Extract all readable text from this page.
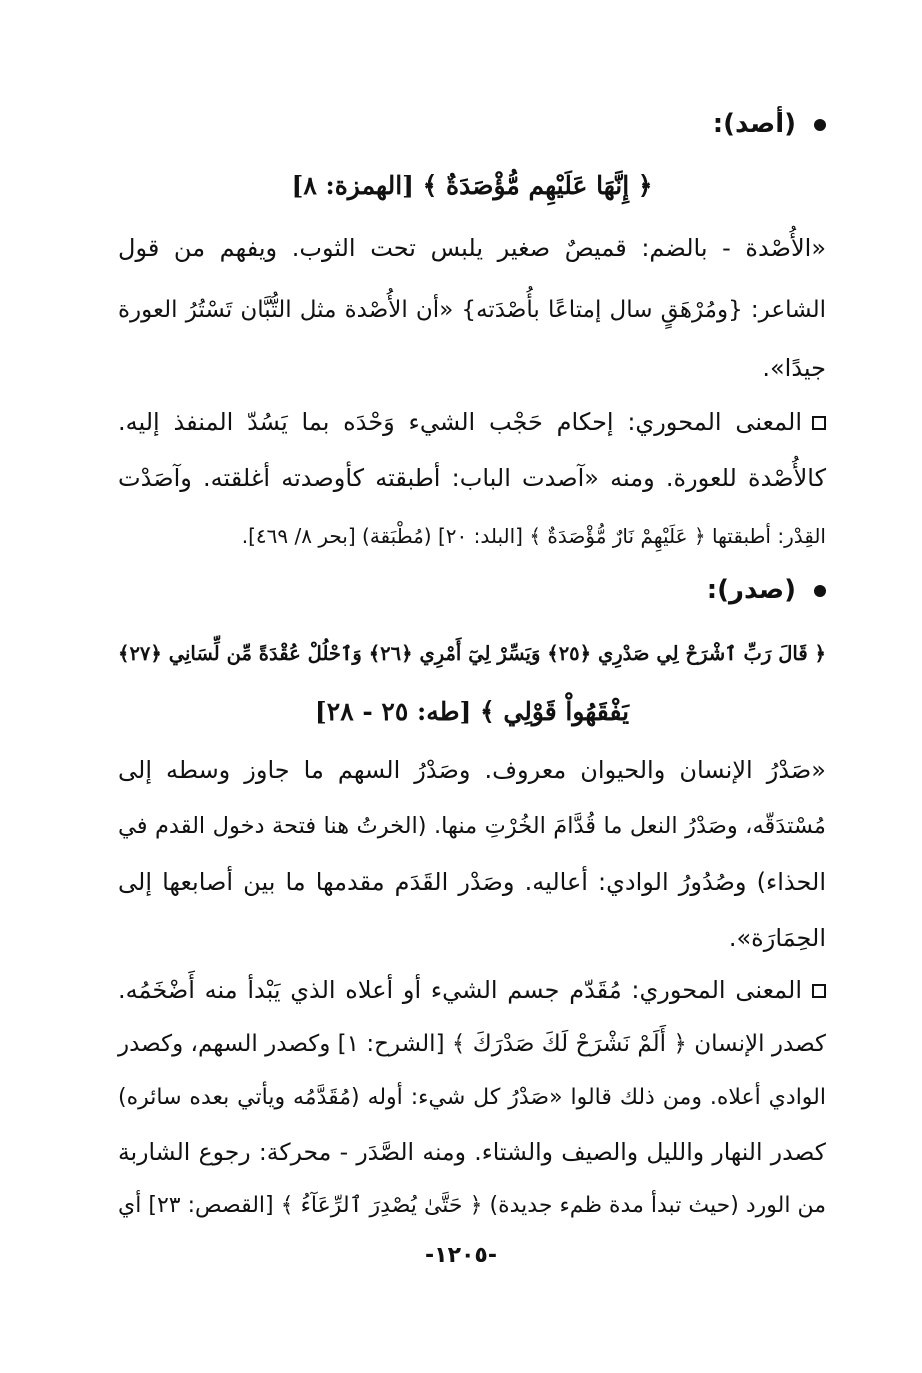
(أصد):
﴿ إِنَّهَا عَلَيْهِم مُّؤْصَدَةٌ ﴾ [الهمزة: ٨]
«الأُصْدة - بالضم: قميصٌ صغير يلبس تحت الثوب. ويفهم من قول
الشاعر: {ومُرْهَقٍ سال إمتاعًا بأُصْدَته} «أن الأُصْدة مثل التُّبَّان تَسْتُرُ العورة
جيدًا».
المعنى المحوري: إحكام حَجْب الشيء وَحْدَه بما يَسُدّ المنفذ إليه.
كالأُصْدة للعورة. ومنه «آصدت الباب: أطبقته كأوصدته أغلقته. وآصَدْت
القِدْر: أطبقتها ﴿ عَلَيْهِمْ نَارٌ مُّؤْصَدَةٌ ﴾ [البلد: ٢٠] (مُطْبَقة) [بحر ٨/ ٤٦٩].
(صدر):
﴿ قَالَ رَبِّ ٱشْرَحْ لِي صَدْرِي ﴿٢٥﴾ وَيَسِّرْ لِيٓ أَمْرِي ﴿٢٦﴾ وَٱحْلُلْ عُقْدَةً مِّن لِّسَانِي ﴿٢٧﴾
يَفْقَهُواْ قَوْلِي ﴾ [طه: ٢٥ - ٢٨]
«صَدْرُ الإنسان والحيوان معروف. وصَدْرُ السهم ما جاوز وسطه إلى
مُسْتدَقّه، وصَدْرُ النعل ما قُدَّامَ الخُرْتِ منها. (الخرتُ هنا فتحة دخول القدم في
الحذاء) وصُدُورُ الوادي: أعاليه. وصَدْر القَدَم مقدمها ما بين أصابعها إلى
الحِمَارَة».
المعنى المحوري: مُقَدّم جسم الشيء أو أعلاه الذي يَبْدأ منه أَضْخَمُه.
كصدر الإنسان ﴿ أَلَمْ نَشْرَحْ لَكَ صَدْرَكَ ﴾ [الشرح: ١] وكصدر السهم، وكصدر
الوادي أعلاه. ومن ذلك قالوا «صَدْرُ كل شيء: أوله (مُقَدَّمُه ويأتي بعده سائره)
كصدر النهار والليل والصيف والشتاء. ومنه الصَّدَر - محركة: رجوع الشاربة
من الورد (حيث تبدأ مدة ظمء جديدة) ﴿ حَتَّىٰ يُصْدِرَ ٱلرِّعَآءُ ﴾ [القصص: ٢٣] أي
-١٢٠٥-
